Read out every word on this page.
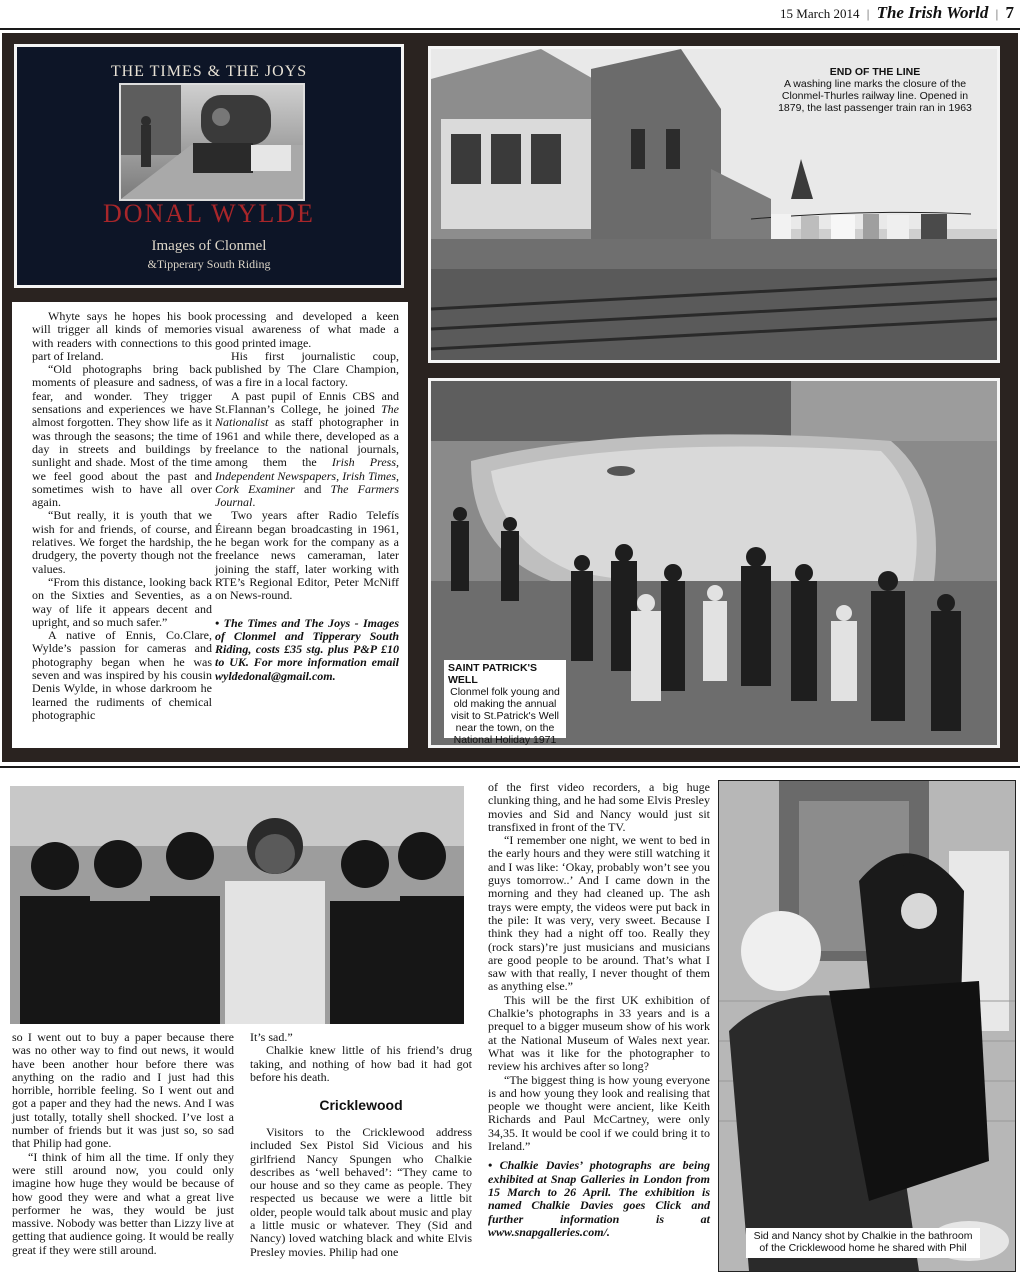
15 March 2014 | The Irish World | 7
THE TIMES & THE JOYS
DONAL WYLDE
Images of Clonmel
&Tipperary South Riding

Whyte says he hopes his book will trigger all kinds of memories with readers with connections to this part of Ireland.

“Old photographs bring back moments of pleasure and sadness, of fear, and wonder. They trigger sensations and experiences we have almost forgotten. They show life as it was through the seasons; the time of day in streets and buildings by sunlight and shade. Most of the time we feel good about the past and sometimes wish to have all over again.

“But really, it is youth that we wish for and friends, of course, and relatives. We forget the hardship, the drudgery, the poverty though not the values.

“From this distance, looking back on the Sixties and Seventies, as a way of life it appears decent and upright, and so much safer.”

A native of Ennis, Co.Clare, Wylde’s passion for cameras and photography began when he was seven and was inspired by his cousin Denis Wylde, in whose darkroom he learned the rudiments of chemical photographic

processing and developed a keen visual awareness of what made a good printed image.

His first journalistic coup, published by The Clare Champion, was a fire in a local factory.

A past pupil of Ennis CBS and St.Flannan’s College, he joined The Nationalist as staff photographer in 1961 and while there, developed as a freelance to the national journals, among them the Irish Press, Independent Newspapers, Irish Times, Cork Examiner and The Farmers Journal.

Two years after Radio Telefís Éireann began broadcasting in 1961, he began work for the company as a freelance news cameraman, later joining the staff, later working with RTE’s Regional Editor, Peter McNiff on News-round.

• The Times and The Joys - Images of Clonmel and Tipperary South Riding, costs £35 stg. plus P&P £10 to UK. For more information email wyldedonal@gmail.com.

END OF THE LINE
A washing line marks the closure of the Clonmel-Thurles railway line. Opened in 1879, the last passenger train ran in 1963
SAINT PATRICK'S WELL
Clonmel folk young and old making the annual visit to St.Patrick's Well near the town, on the National Holiday 1971

so I went out to buy a paper because there was no other way to find out news, it would have been another hour before there was anything on the radio and I just had this horrible, horrible feeling. So I went out and got a paper and they had the news. And I was just totally, totally shell shocked. I’ve lost a number of friends but it was just so, so sad that Philip had gone.

“I think of him all the time. If only they were still around now, you could only imagine how huge they would be because of how good they were and what a great live performer he was, they would be just massive. Nobody was better than Lizzy live at getting that audience going. It would be really great if they were still around.

It’s sad.”

Chalkie knew little of his friend’s drug taking, and nothing of how bad it had got before his death.

Cricklewood

Visitors to the Cricklewood address included Sex Pistol Sid Vicious and his girlfriend Nancy Spungen who Chalkie describes as ‘well behaved’: “They came to our house and so they came as people. They respected us because we were a little bit older, people would talk about music and play a little music or whatever. They (Sid and Nancy) loved watching black and white Elvis Presley movies. Philip had one

of the first video recorders, a big huge clunking thing, and he had some Elvis Presley movies and Sid and Nancy would just sit transfixed in front of the TV.

“I remember one night, we went to bed in the early hours and they were still watching it and I was like: ‘Okay, probably won’t see you guys tomorrow..’ And I came down in the morning and they had cleaned up. The ash trays were empty, the videos were put back in the pile: It was very, very sweet. Because I think they had a night off too. Really they (rock stars)’re just musicians and musicians are good people to be around. That’s what I saw with that really, I never thought of them as anything else.”

This will be the first UK exhibition of Chalkie’s photographs in 33 years and is a prequel to a bigger museum show of his work at the National Museum of Wales next year. What was it like for the photographer to review his archives after so long?

“The biggest thing is how young everyone is and how young they look and realising that people we thought were ancient, like Keith Richards and Paul McCartney, were only 34,35. It would be cool if we could bring it to Ireland.”

• Chalkie Davies’ photographs are being exhibited at Snap Galleries in London from 15 March to 26 April. The exhibition is named Chalkie Davies goes Click and further information is at www.snapgalleries.com/.	Sid and Nancy shot by Chalkie in the bathroom of the Cricklewood home he shared with Phil
